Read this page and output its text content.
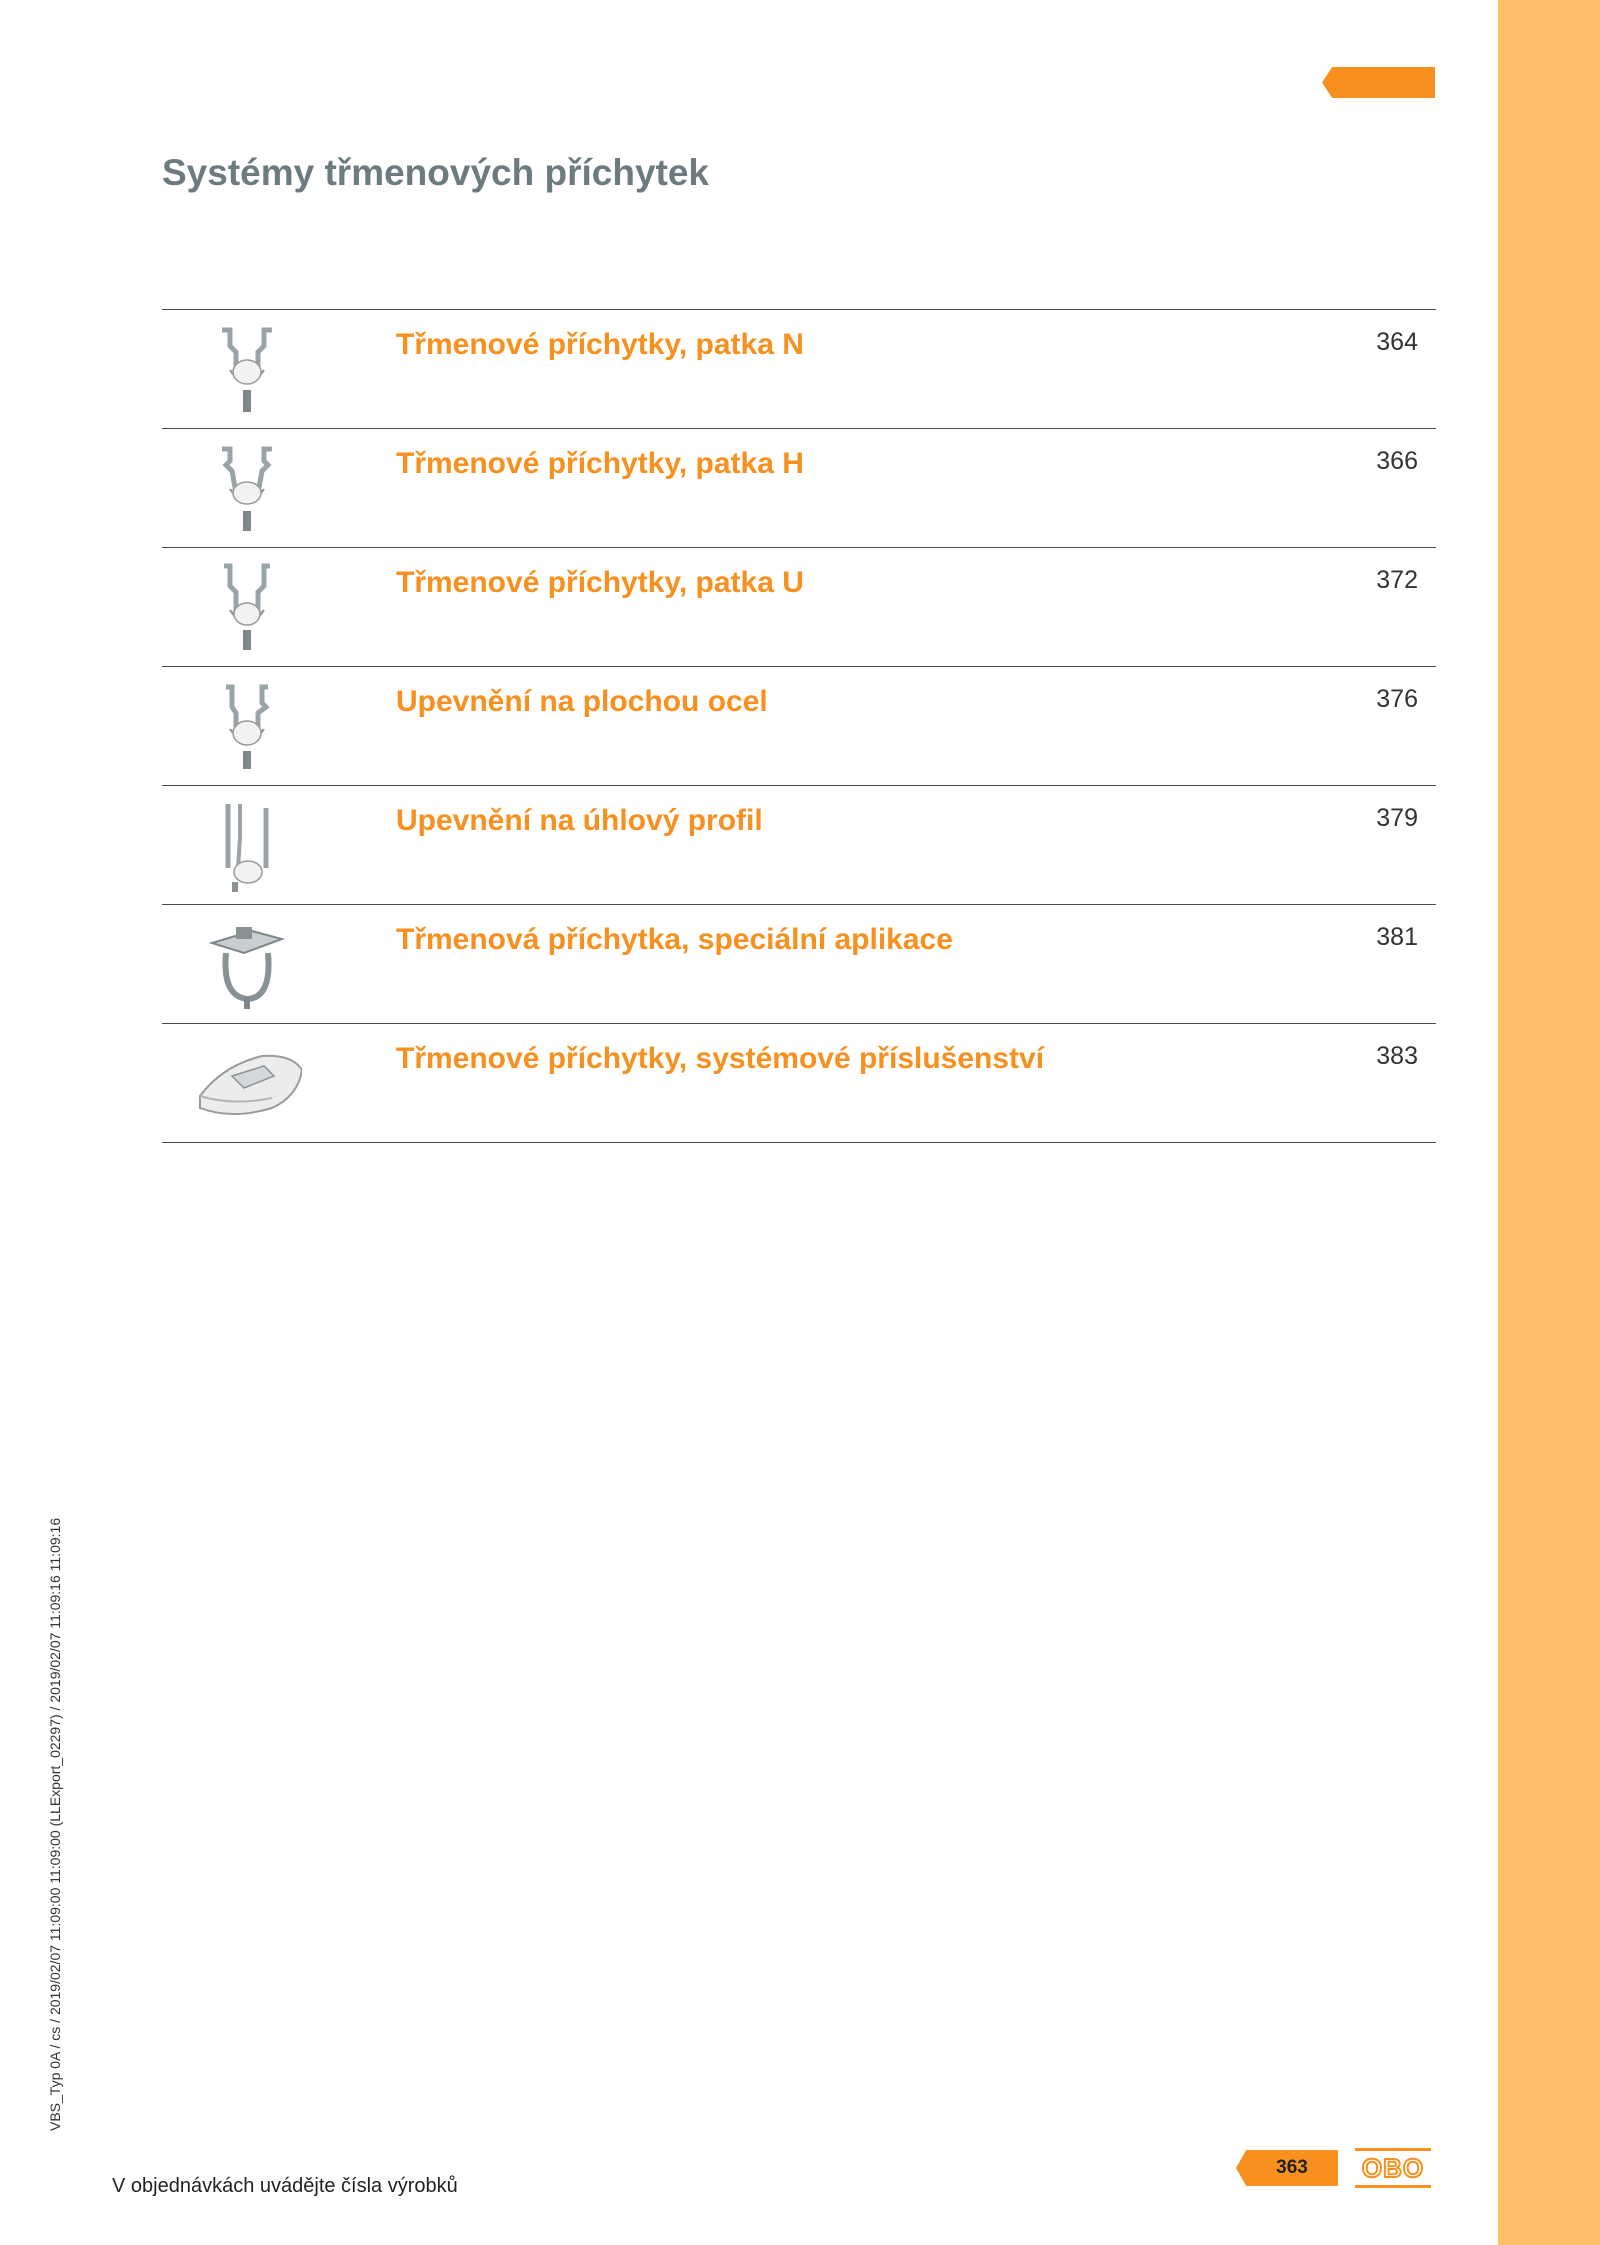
Systémy třmenových příchytek
Třmenové příchytky, patka N	364
Třmenové příchytky, patka H	366
Třmenové příchytky, patka U	372
Upevnění na plochou ocel	376
Upevnění na úhlový profil	379
Třmenová příchytka, speciální aplikace	381
Třmenové příchytky, systémové příslušenství	383
VBS_Typ 0A / cs / 2019/02/07 11:09:00 11:09:00 (LLExport_02297) / 2019/02/07 11:09:16 11:09:16
V objednávkách uvádějte čísla výrobků
363	OBO
